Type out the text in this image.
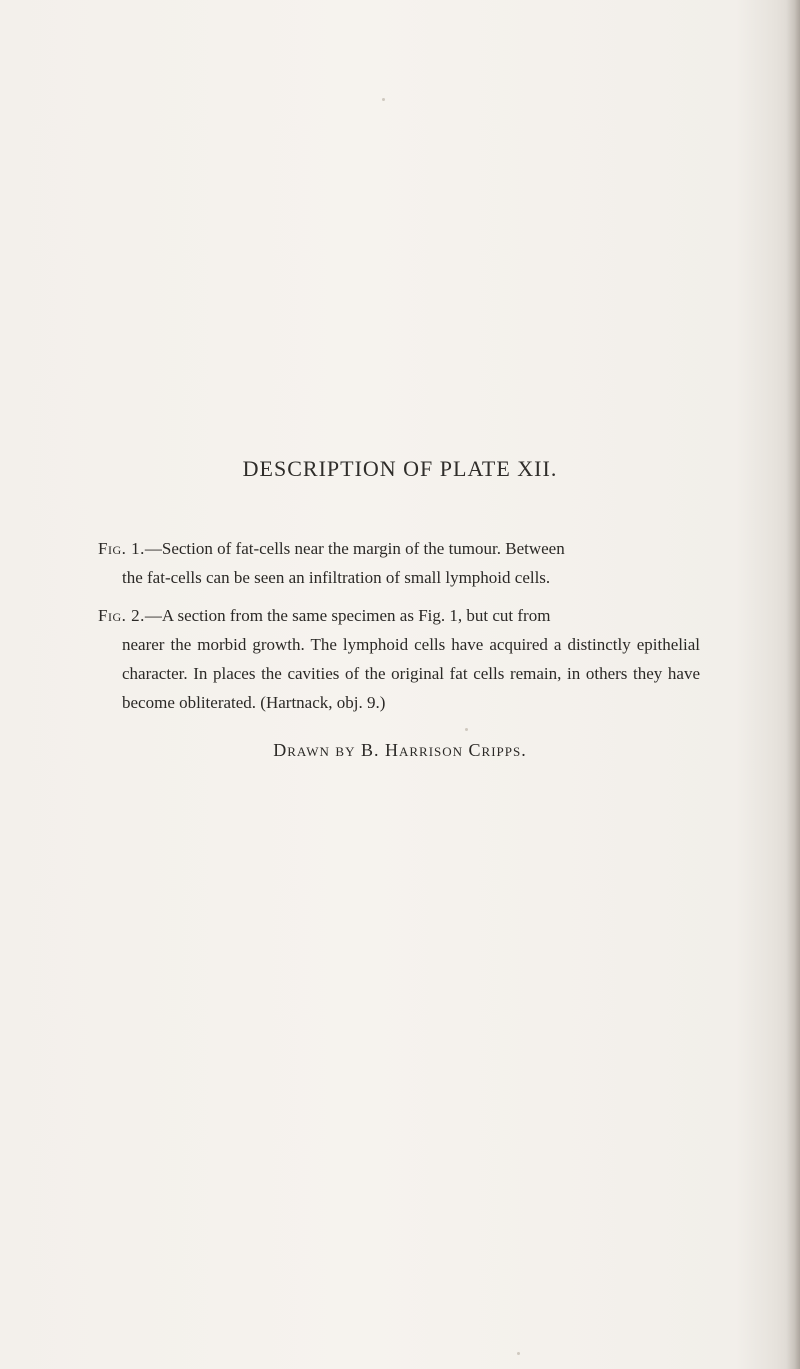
DESCRIPTION OF PLATE XII.
Fig. 1.—Section of fat-cells near the margin of the tumour. Between
the fat-cells can be seen an infiltration of small lymphoid cells.
Fig. 2.—A section from the same specimen as Fig. 1, but cut from
nearer the morbid growth. The lymphoid cells have acquired a distinctly epithelial character. In places the cavities of the original fat cells remain, in others they have become obliterated. (Hartnack, obj. 9.)
Drawn by B. Harrison Cripps.
